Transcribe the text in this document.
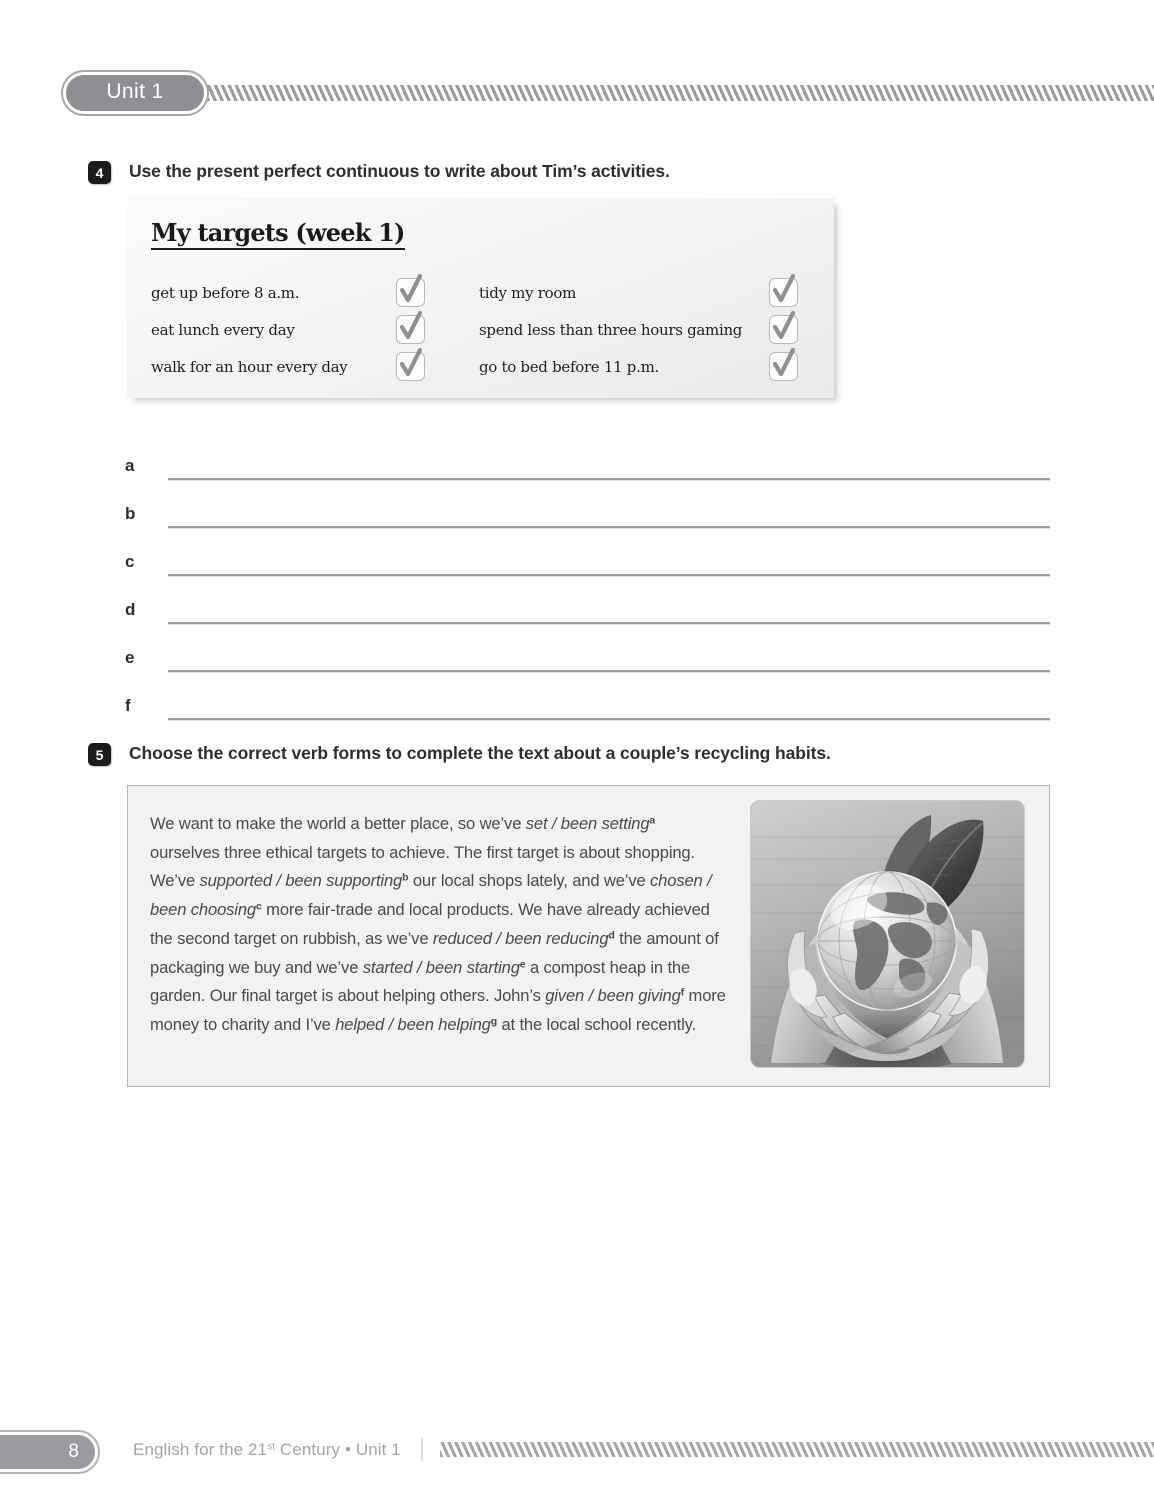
Unit 1
4	Use the present perfect continuous to write about Tim’s activities.
My targets (week 1)
get up before 8 a.m.	tidy my room
eat lunch every day	spend less than three hours gaming
walk for an hour every day	go to bed before 11 p.m.
a
b
c
d
e
f
5	Choose the correct verb forms to complete the text about a couple’s recycling habits.
We want to make the world a better place, so we’ve set / been setting$^a$ ourselves three ethical targets to achieve. The first target is about shopping. We’ve supported / been supporting$^b$ our local shops lately, and we’ve chosen / been choosing$^c$ more fair-trade and local products. We have already achieved the second target on rubbish, as we’ve reduced / been reducing$^d$ the amount of packaging we buy and we’ve started / been starting$^e$ a compost heap in the garden. Our final target is about helping others. John’s given / been giving$^f$ more money to charity and I’ve helped / been helping$^g$ at the local school recently.
8	English for the 21st Century • Unit 1
